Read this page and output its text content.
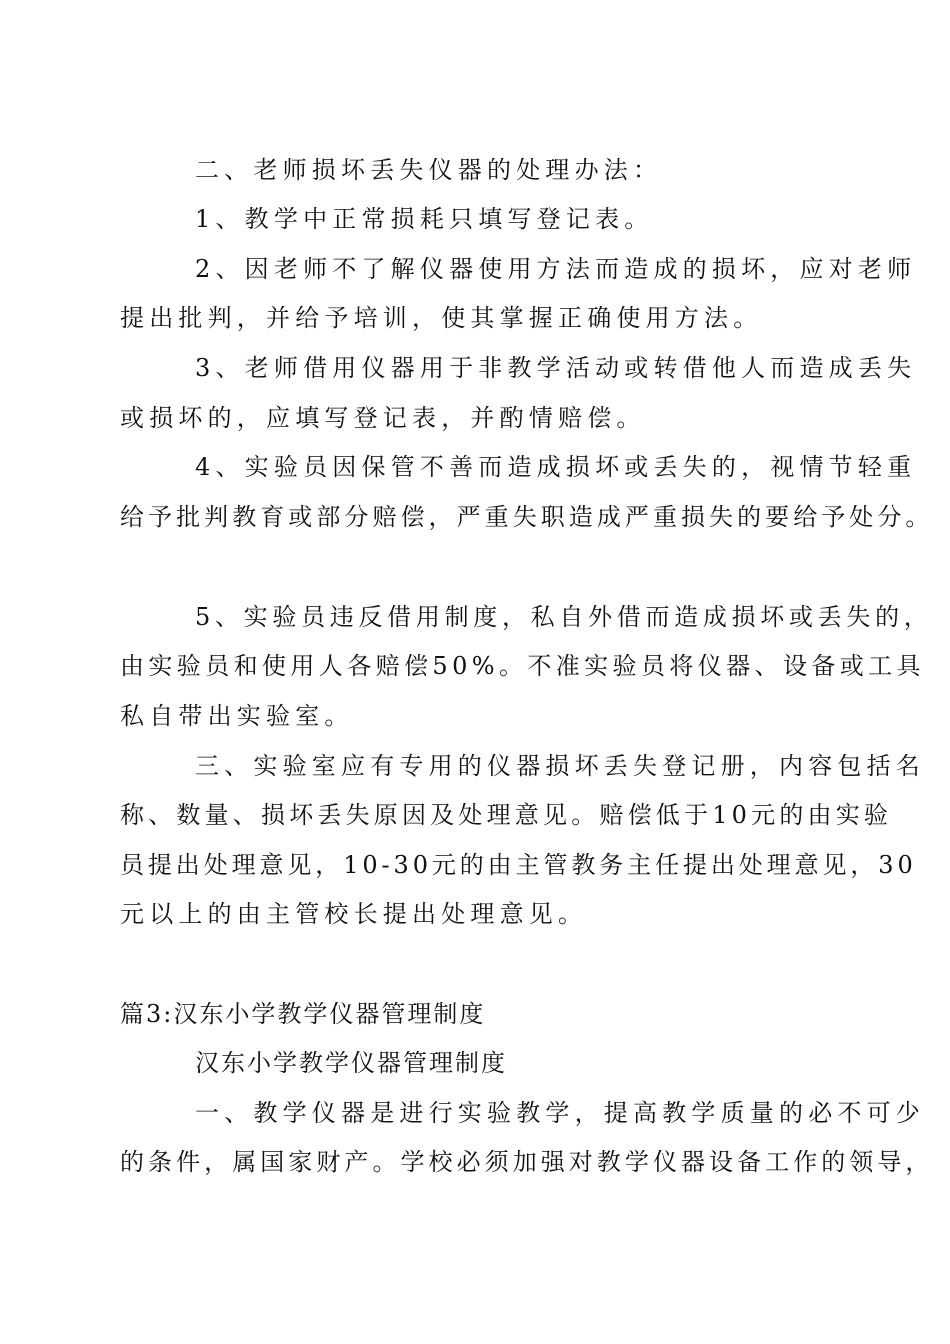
二、老师损坏丢失仪器的处理办法：
1、教学中正常损耗只填写登记表。
2、因老师不了解仪器使用方法而造成的损坏，应对老师
提出批判，并给予培训，使其掌握正确使用方法。
3、老师借用仪器用于非教学活动或转借他人而造成丢失
或损坏的，应填写登记表，并酌情赔偿。
4、实验员因保管不善而造成损坏或丢失的，视情节轻重
给予批判教育或部分赔偿，严重失职造成严重损失的要给予处分。
5、实验员违反借用制度，私自外借而造成损坏或丢失的，
由实验员和使用人各赔偿50%。不准实验员将仪器、设备或工具
私自带出实验室。
三、实验室应有专用的仪器损坏丢失登记册，内容包括名
称、数量、损坏丢失原因及处理意见。赔偿低于10元的由实验
员提出处理意见，10-30元的由主管教务主任提出处理意见，30
元以上的由主管校长提出处理意见。
篇3:汉东小学教学仪器管理制度
汉东小学教学仪器管理制度
一、教学仪器是进行实验教学，提高教学质量的必不可少
的条件，属国家财产。学校必须加强对教学仪器设备工作的领导，
